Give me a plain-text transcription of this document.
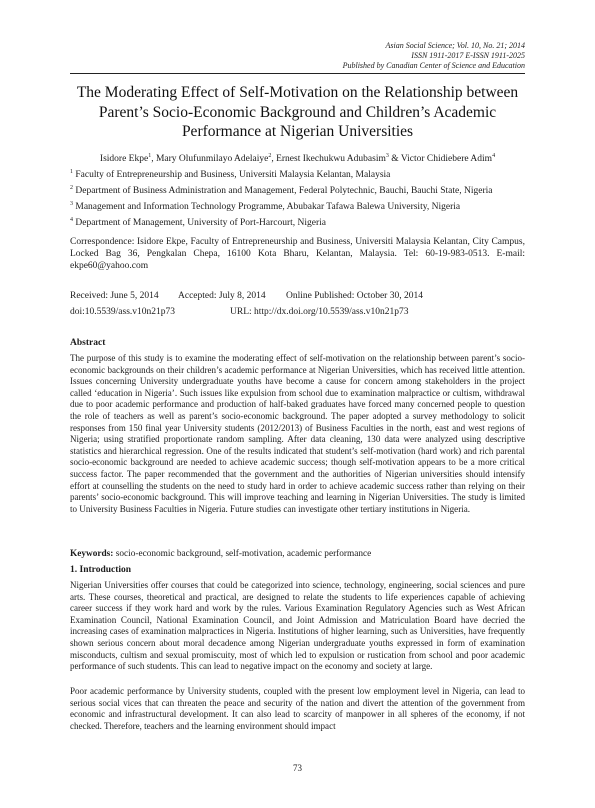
Asian Social Science; Vol. 10, No. 21; 2014
ISSN 1911-2017 E-ISSN 1911-2025
Published by Canadian Center of Science and Education
The Moderating Effect of Self-Motivation on the Relationship between Parent’s Socio-Economic Background and Children’s Academic Performance at Nigerian Universities
Isidore Ekpe$^1$, Mary Olufunmilayo Adelaiye$^2$, Ernest Ikechukwu Adubasim$^3$ & Victor Chidiebere Adim$^4$
$^1$ Faculty of Entrepreneurship and Business, Universiti Malaysia Kelantan, Malaysia
$^2$ Department of Business Administration and Management, Federal Polytechnic, Bauchi, Bauchi State, Nigeria
$^3$ Management and Information Technology Programme, Abubakar Tafawa Balewa University, Nigeria
$^4$ Department of Management, University of Port-Harcourt, Nigeria
Correspondence: Isidore Ekpe, Faculty of Entrepreneurship and Business, Universiti Malaysia Kelantan, City Campus, Locked Bag 36, Pengkalan Chepa, 16100 Kota Bharu, Kelantan, Malaysia. Tel: 60-19-983-0513. E-mail: ekpe60@yahoo.com
Received: June 5, 2014 Accepted: July 8, 2014 Online Published: October 30, 2014
doi:10.5539/ass.v10n21p73	URL: http://dx.doi.org/10.5539/ass.v10n21p73
Abstract
The purpose of this study is to examine the moderating effect of self-motivation on the relationship between parent’s socio-economic backgrounds on their children’s academic performance at Nigerian Universities, which has received little attention. Issues concerning University undergraduate youths have become a cause for concern among stakeholders in the project called ‘education in Nigeria’. Such issues like expulsion from school due to examination malpractice or cultism, withdrawal due to poor academic performance and production of half-baked graduates have forced many concerned people to question the role of teachers as well as parent’s socio-economic background. The paper adopted a survey methodology to solicit responses from 150 final year University students (2012/2013) of Business Faculties in the north, east and west regions of Nigeria; using stratified proportionate random sampling. After data cleaning, 130 data were analyzed using descriptive statistics and hierarchical regression. One of the results indicated that student’s self-motivation (hard work) and rich parental socio-economic background are needed to achieve academic success; though self-motivation appears to be a more critical success factor. The paper recommended that the government and the authorities of Nigerian universities should intensify effort at counselling the students on the need to study hard in order to achieve academic success rather than relying on their parents’ socio-economic background. This will improve teaching and learning in Nigerian Universities. The study is limited to University Business Faculties in Nigeria. Future studies can investigate other tertiary institutions in Nigeria.
Keywords: socio-economic background, self-motivation, academic performance
1. Introduction
Nigerian Universities offer courses that could be categorized into science, technology, engineering, social sciences and pure arts. These courses, theoretical and practical, are designed to relate the students to life experiences capable of achieving career success if they work hard and work by the rules. Various Examination Regulatory Agencies such as West African Examination Council, National Examination Council, and Joint Admission and Matriculation Board have decried the increasing cases of examination malpractices in Nigeria. Institutions of higher learning, such as Universities, have frequently shown serious concern about moral decadence among Nigerian undergraduate youths expressed in form of examination misconducts, cultism and sexual promiscuity, most of which led to expulsion or rustication from school and poor academic performance of such students. This can lead to negative impact on the economy and society at large.
Poor academic performance by University students, coupled with the present low employment level in Nigeria, can lead to serious social vices that can threaten the peace and security of the nation and divert the attention of the government from economic and infrastructural development. It can also lead to scarcity of manpower in all spheres of the economy, if not checked. Therefore, teachers and the learning environment should impact
73
